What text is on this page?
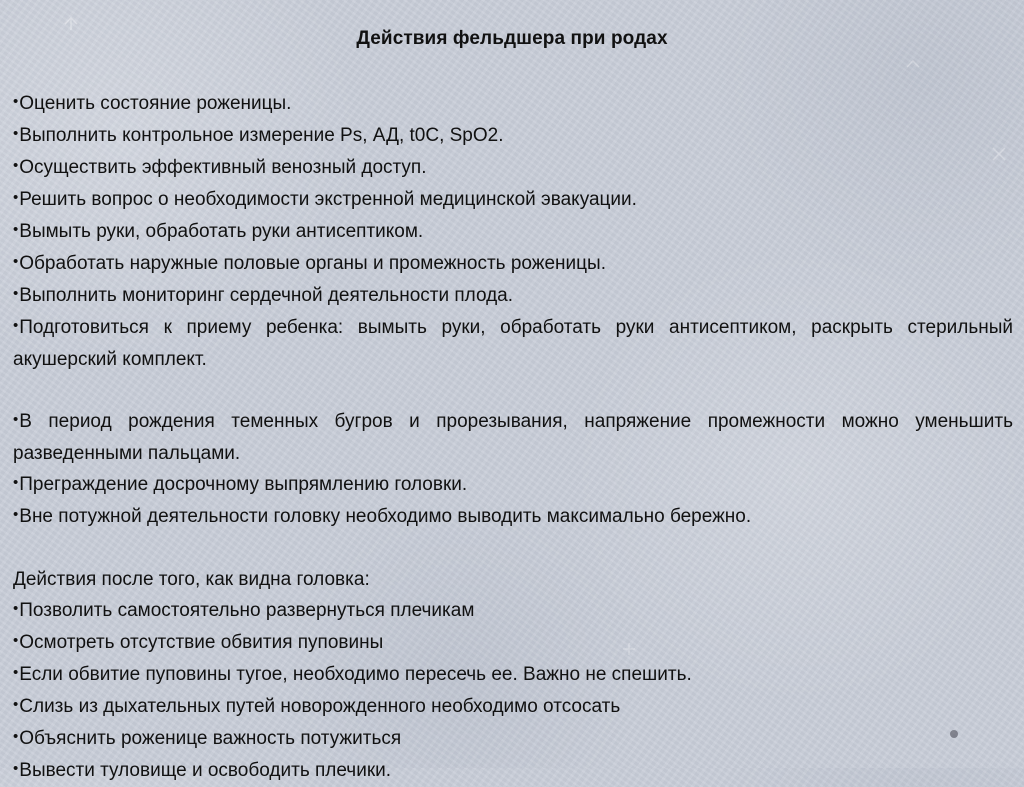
Действия фельдшера при родах
•Оценить состояние роженицы.
•Выполнить контрольное измерение Ps, АД, t0C, SpO2.
•Осуществить эффективный венозный доступ.
•Решить вопрос о необходимости экстренной медицинской эвакуации.
•Вымыть руки, обработать руки антисептиком.
•Обработать наружные половые органы и промежность роженицы.
•Выполнить мониторинг сердечной деятельности плода.
•Подготовиться к приему ребенка: вымыть руки, обработать руки антисептиком, раскрыть стерильный акушерский комплект.
•В период рождения теменных бугров и прорезывания, напряжение промежности можно уменьшить разведенными пальцами.
•Преграждение досрочному выпрямлению головки.
•Вне потужной деятельности головку необходимо выводить максимально бережно.

Действия после того, как видна головка:

•Позволить самостоятельно развернуться плечикам
•Осмотреть отсутствие обвития пуповины
•Если обвитие пуповины тугое, необходимо пересечь ее. Важно не спешить.
•Слизь из дыхательных путей новорожденного необходимо отсосать
•Объяснить роженице важность потужиться
•Вывести туловище и освободить плечики.
